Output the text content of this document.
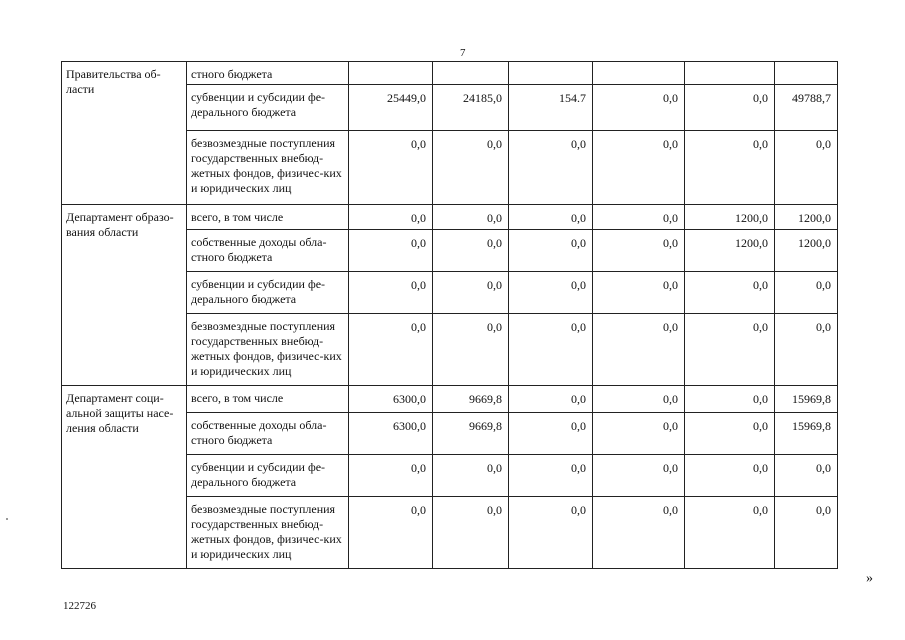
7
Правительства об-ласти	стного бюджета						
	субвенции и субсидии фе-дерального бюджета	25449,0	24185,0	154.7	0,0	0,0	49788,7
	безвозмездные поступления государственных внебюд-жетных фондов, физичес-ких и юридических лиц	0,0	0,0	0,0	0,0	0,0	0,0
Департамент образо-вания области	всего, в том числе	0,0	0,0	0,0	0,0	1200,0	1200,0
	собственные доходы обла-стного бюджета	0,0	0,0	0,0	0,0	1200,0	1200,0
	субвенции и субсидии фе-дерального бюджета	0,0	0,0	0,0	0,0	0,0	0,0
	безвозмездные поступления государственных внебюд-жетных фондов, физичес-ких и юридических лиц	0,0	0,0	0,0	0,0	0,0	0,0
Департамент соци-альной защиты насе-ления области	всего, в том числе	6300,0	9669,8	0,0	0,0	0,0	15969,8
	собственные доходы обла-стного бюджета	6300,0	9669,8	0,0	0,0	0,0	15969,8
	субвенции и субсидии фе-дерального бюджета	0,0	0,0	0,0	0,0	0,0	0,0
	безвозмездные поступления государственных внебюд-жетных фондов, физичес-ких и юридических лиц	0,0	0,0	0,0	0,0	0,0	0,0
»
122726
